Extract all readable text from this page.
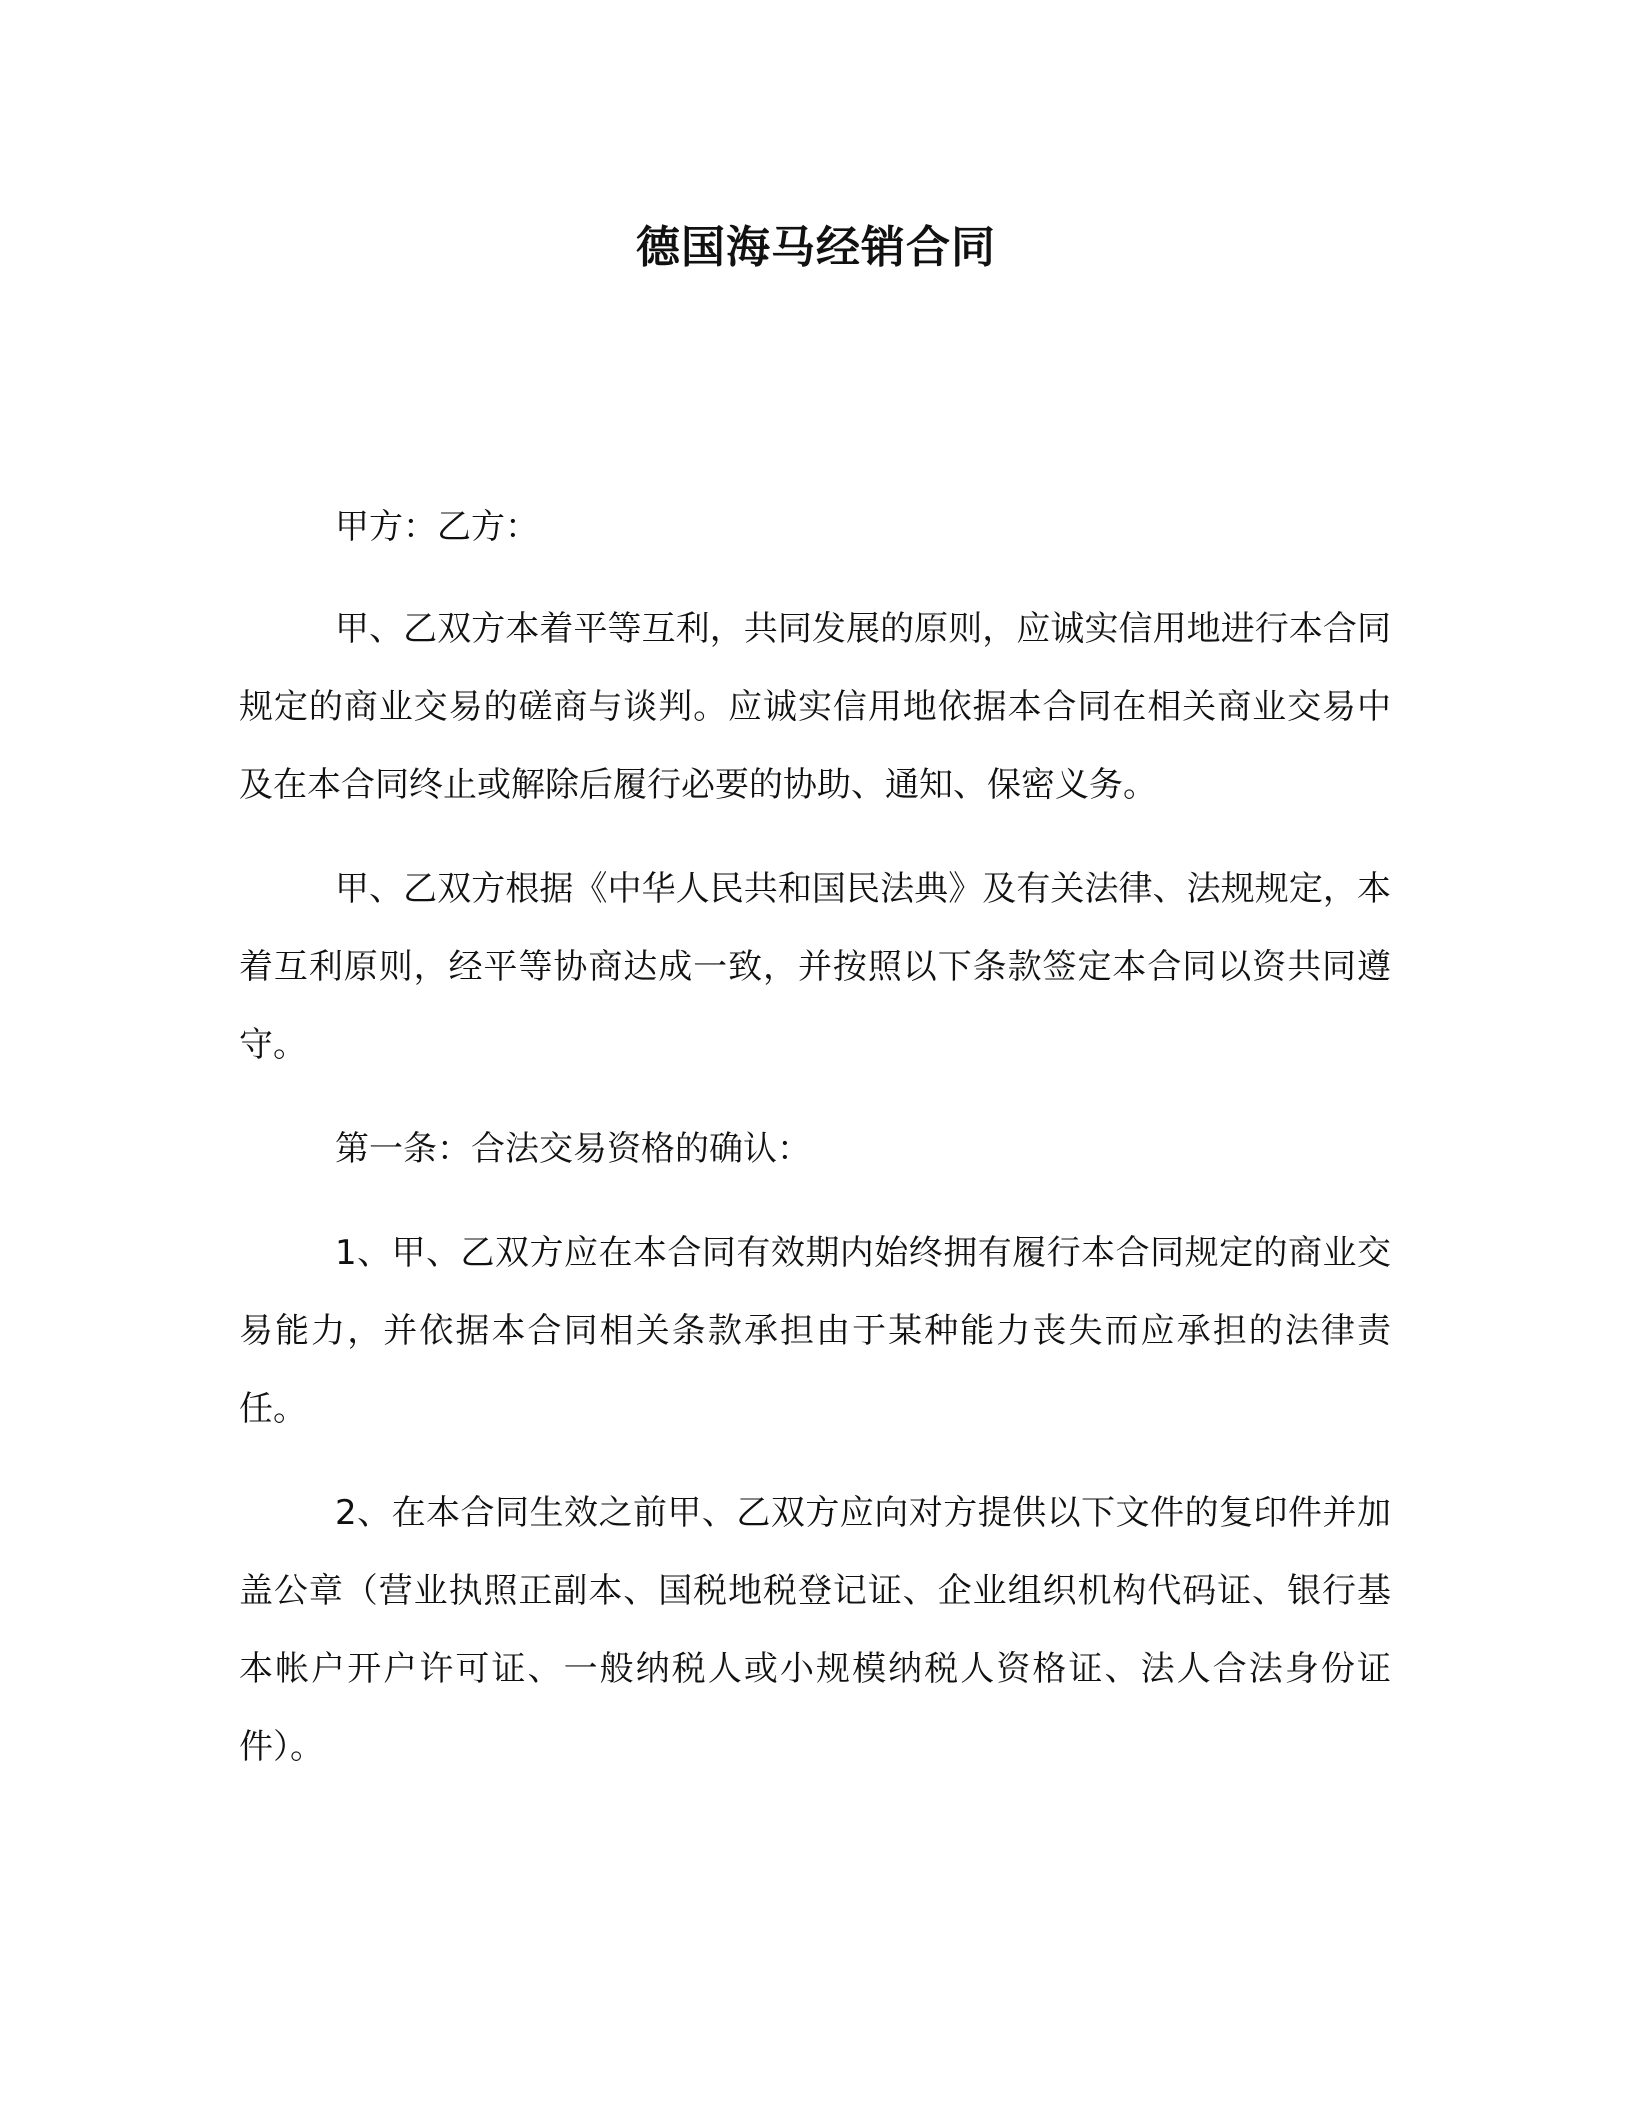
德国海马经销合同

甲方：乙方：

甲、乙双方本着平等互利，共同发展的原则，应诚实信用地进行本合同规定的商业交易的磋商与谈判。应诚实信用地依据本合同在相关商业交易中及在本合同终止或解除后履行必要的协助、通知、保密义务。

甲、乙双方根据《中华人民共和国民法典》及有关法律、法规规定，本着互利原则，经平等协商达成一致，并按照以下条款签定本合同以资共同遵守。

第一条：合法交易资格的确认：

1、甲、乙双方应在本合同有效期内始终拥有履行本合同规定的商业交易能力，并依据本合同相关条款承担由于某种能力丧失而应承担的法律责任。

2、在本合同生效之前甲、乙双方应向对方提供以下文件的复印件并加盖公章（营业执照正副本、国税地税登记证、企业组织机构代码证、银行基本帐户开户许可证、一般纳税人或小规模纳税人资格证、法人合法身份证件）。
